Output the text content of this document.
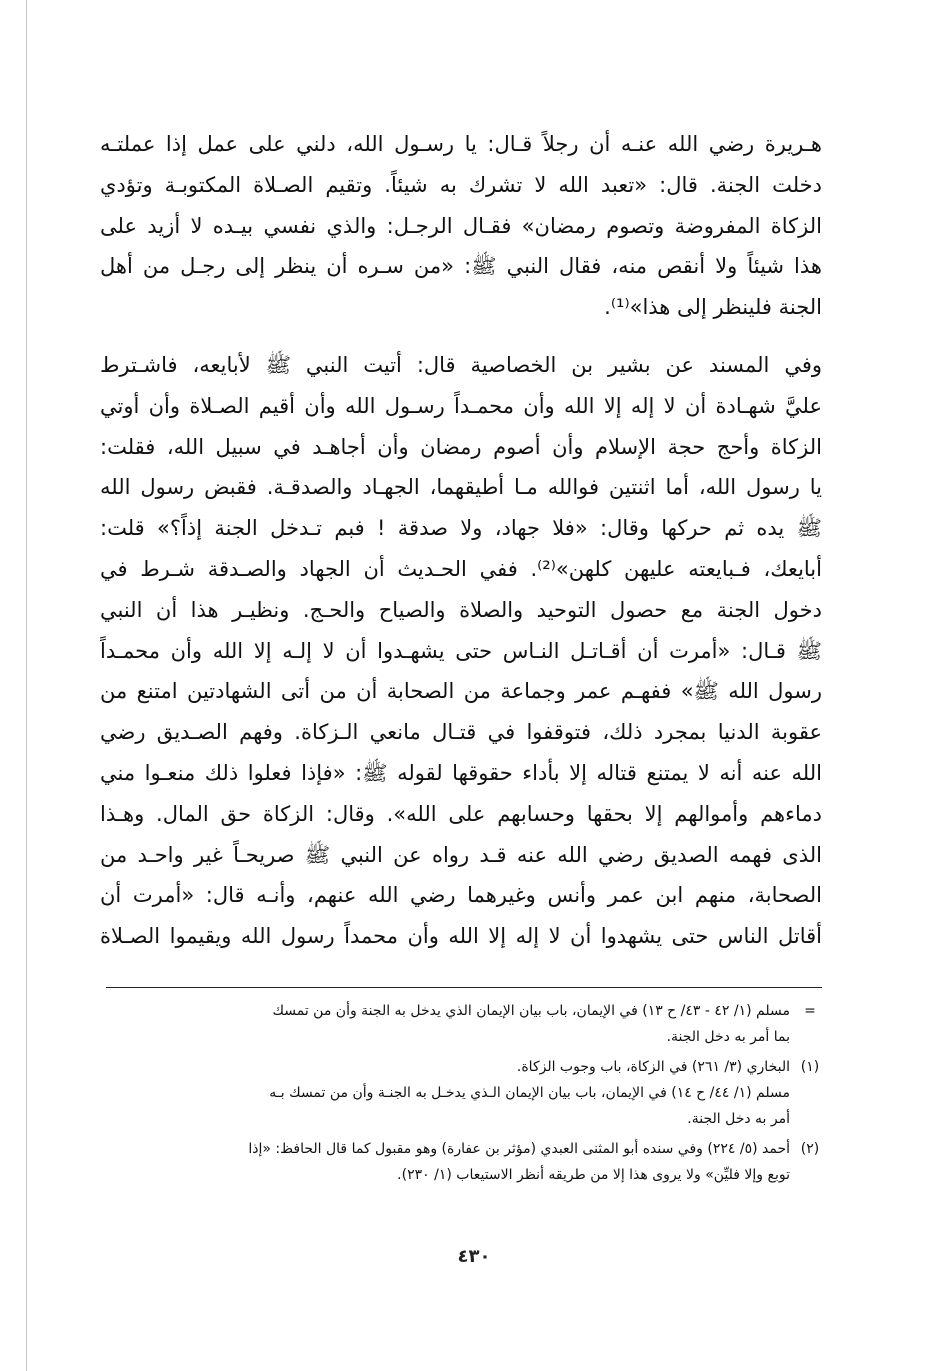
هـريرة رضي الله عنـه أن رجلاً قـال: يا رسـول الله، دلني على عمل إذا عملتـه
دخلت الجنة. قال: «تعبد الله لا تشرك به شيئاً. وتقيم الصـلاة المكتوبـة وتؤدي
الزكاة المفروضة وتصوم رمضان» فقـال الرجـل: والذي نفسي بيـده لا أزيد على
هذا شيئاً ولا أنقص منه، فقال النبي ﷺ: «من سـره أن ينظر إلى رجـل من أهل
الجنة فلينظر إلى هذا»⁽¹⁾.
وفي المسند عن بشير بن الخصاصية قال: أتيت النبي ﷺ لأبايعه، فاشـترط
عليَّ شهـادة أن لا إله إلا الله وأن محمـداً رسـول الله وأن أقيم الصـلاة وأن أوتي
الزكاة وأحج حجة الإسلام وأن أصوم رمضان وأن أجاهـد في سبيل الله، فقلت:
يا رسول الله، أما اثنتين فوالله مـا أطيقهما، الجهـاد والصدقـة. فقبض رسول الله
ﷺ يده ثم حركها وقال: «فلا جهاد، ولا صدقة ! فبم تـدخل الجنة إذاً؟» قلت:
أبايعك، فـبايعته عليهن كلهن»⁽²⁾. ففي الحـديث أن الجهاد والصـدقة شـرط في
دخول الجنة مع حصول التوحيد والصلاة والصياح والحـج. ونظيـر هذا أن النبي
ﷺ قـال: «أمرت أن أقـاتـل النـاس حتى يشهـدوا أن لا إلـه إلا الله وأن محمـداً
رسول الله ﷺ» ففهـم عمر وجماعة من الصحابة أن من أتى الشهادتين امتنع من
عقوبة الدنيا بمجرد ذلك، فتوقفوا في قتـال مانعي الـزكاة. وفهم الصـديق رضي
الله عنه أنه لا يمتنع قتاله إلا بأداء حقوقها لقوله ﷺ: «فإذا فعلوا ذلك منعـوا مني
دماءهم وأموالهم إلا بحقها وحسابهم على الله». وقال: الزكاة حق المال. وهـذا
الذى فهمه الصديق رضي الله عنه قـد رواه عن النبي ﷺ صريحـاً غير واحـد من
الصحابة، منهم ابن عمر وأنس وغيرهما رضي الله عنهم، وأنـه قال: «أمرت أن
أقاتل الناس حتى يشهدوا أن لا إله إلا الله وأن محمداً رسول الله ويقيموا الصـلاة
=
مسلم (١/ ٤٢ - ٤٣/ ح ١٣) في الإيمان، باب بيان الإيمان الذي يدخل به الجنة وأن من تمسك
بما أمر به دخل الجنة.
(١)
البخاري (٣/ ٢٦١) في الزكاة، باب وجوب الزكاة.
مسلم (١/ ٤٤/ ح ١٤) في الإيمان، باب بيان الإيمان الـذي يدخـل به الجنـة وأن من تمسك بـه
أمر به دخل الجنة.
(٢)
أحمد (٥/ ٢٢٤) وفي سنده أبو المثنى العبدي (مؤثر بن عفارة) وهو مقبول كما قال الحافظ: «إذا
توبع وإلا فليِّن» ولا يروى هذا إلا من طريقه أنظر الاستيعاب (١/ ٢٣٠).
٤٣٠
